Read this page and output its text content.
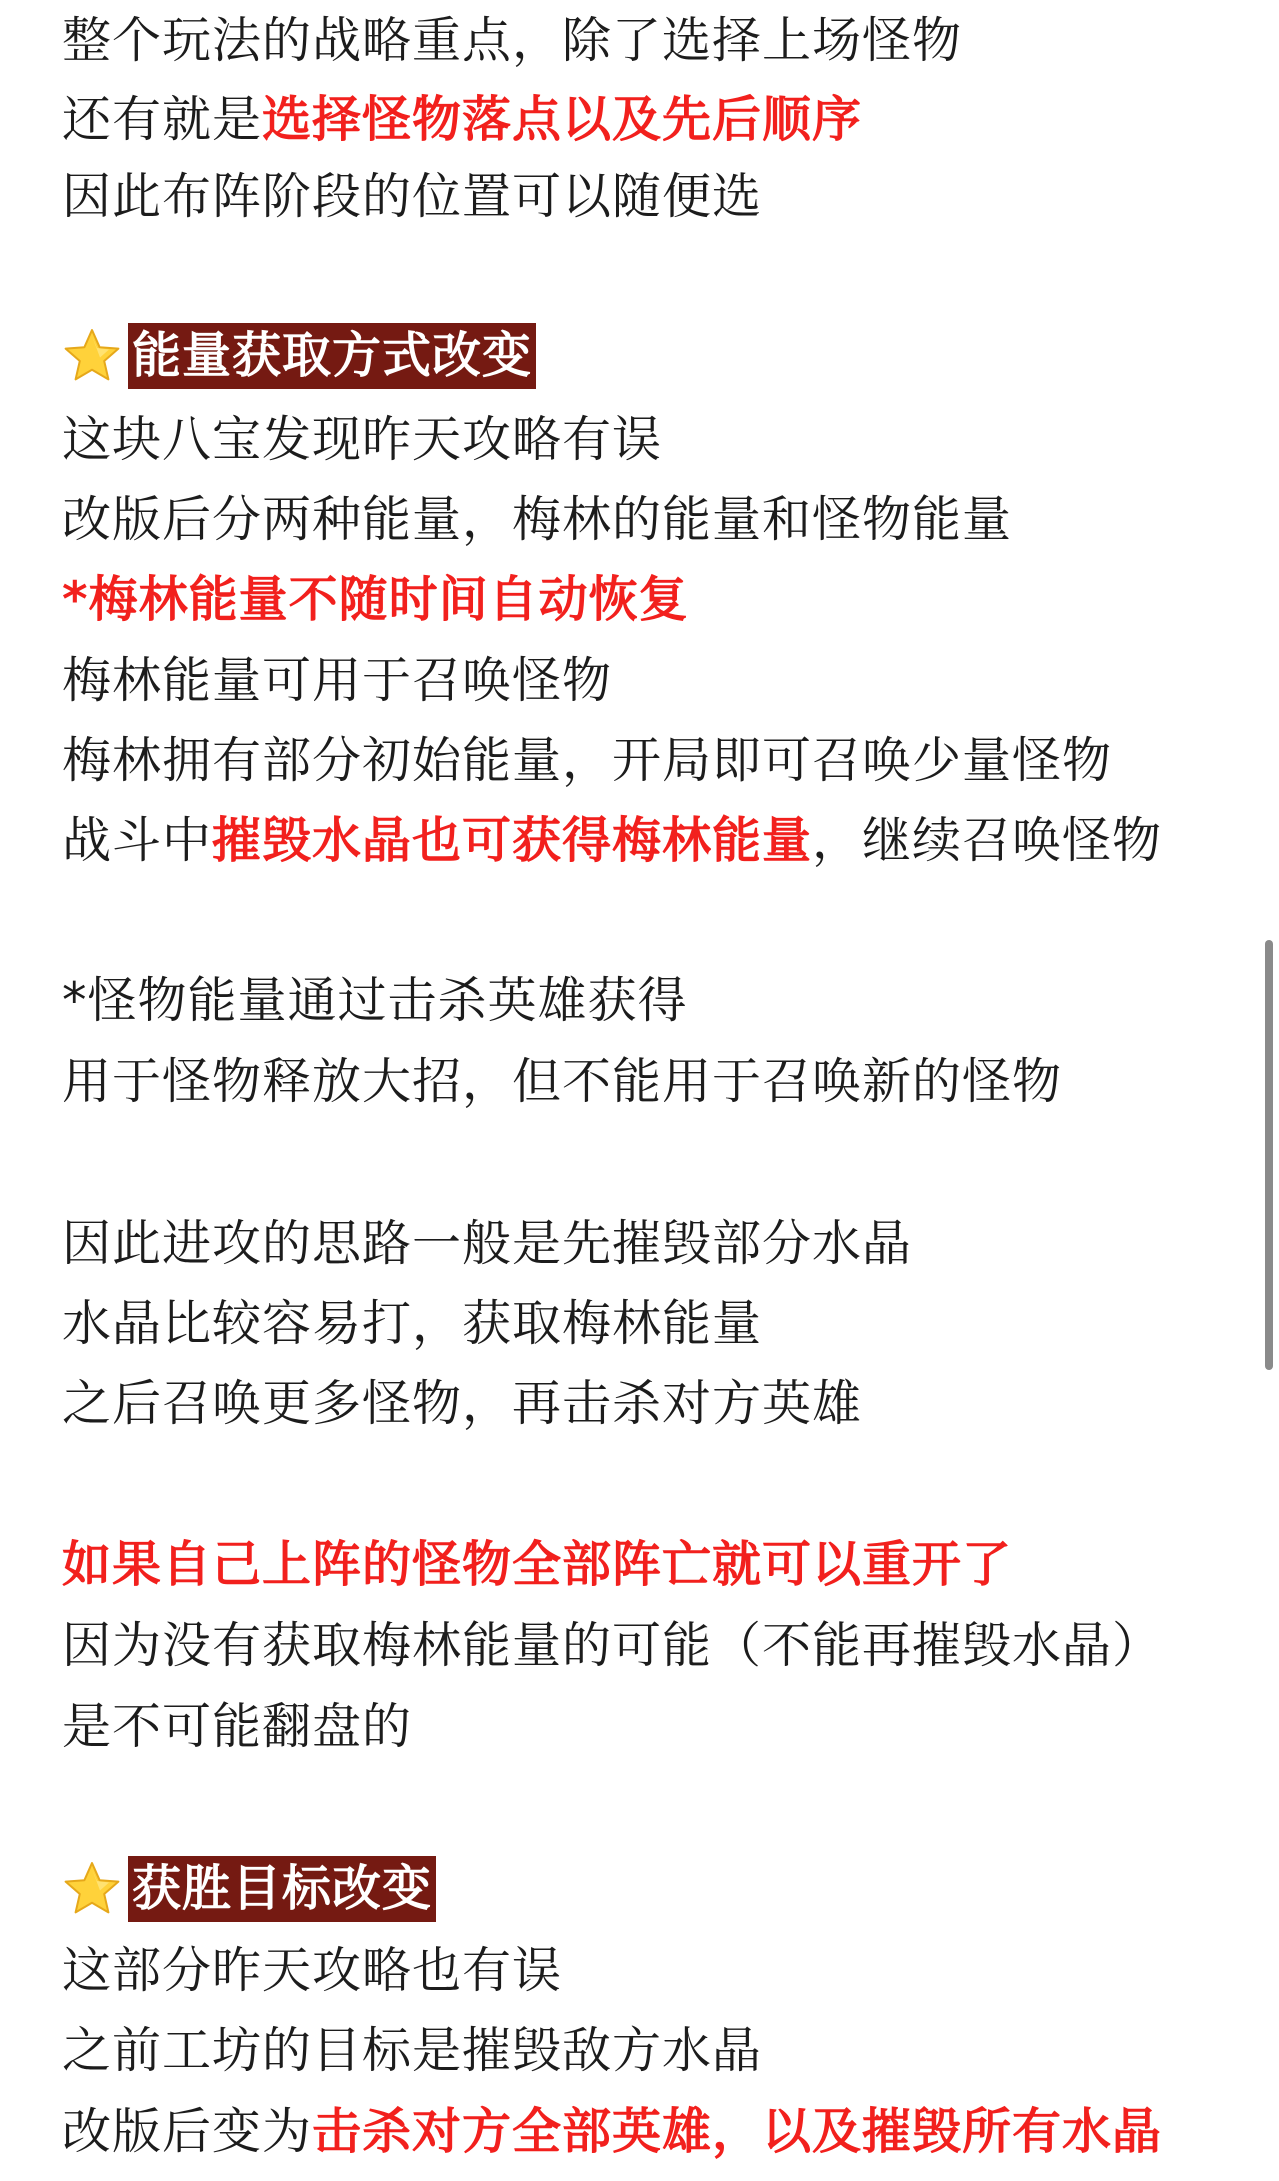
整个玩法的战略重点，除了选择上场怪物
还有就是选择怪物落点以及先后顺序
因此布阵阶段的位置可以随便选
能量获取方式改变
这块八宝发现昨天攻略有误
改版后分两种能量，梅林的能量和怪物能量
*梅林能量不随时间自动恢复
梅林能量可用于召唤怪物
梅林拥有部分初始能量，开局即可召唤少量怪物
战斗中摧毁水晶也可获得梅林能量，继续召唤怪物
*怪物能量通过击杀英雄获得
用于怪物释放大招，但不能用于召唤新的怪物
因此进攻的思路一般是先摧毁部分水晶
水晶比较容易打，获取梅林能量
之后召唤更多怪物，再击杀对方英雄
如果自己上阵的怪物全部阵亡就可以重开了
因为没有获取梅林能量的可能（不能再摧毁水晶）
是不可能翻盘的
获胜目标改变
这部分昨天攻略也有误
之前工坊的目标是摧毁敌方水晶
改版后变为击杀对方全部英雄，以及摧毁所有水晶
